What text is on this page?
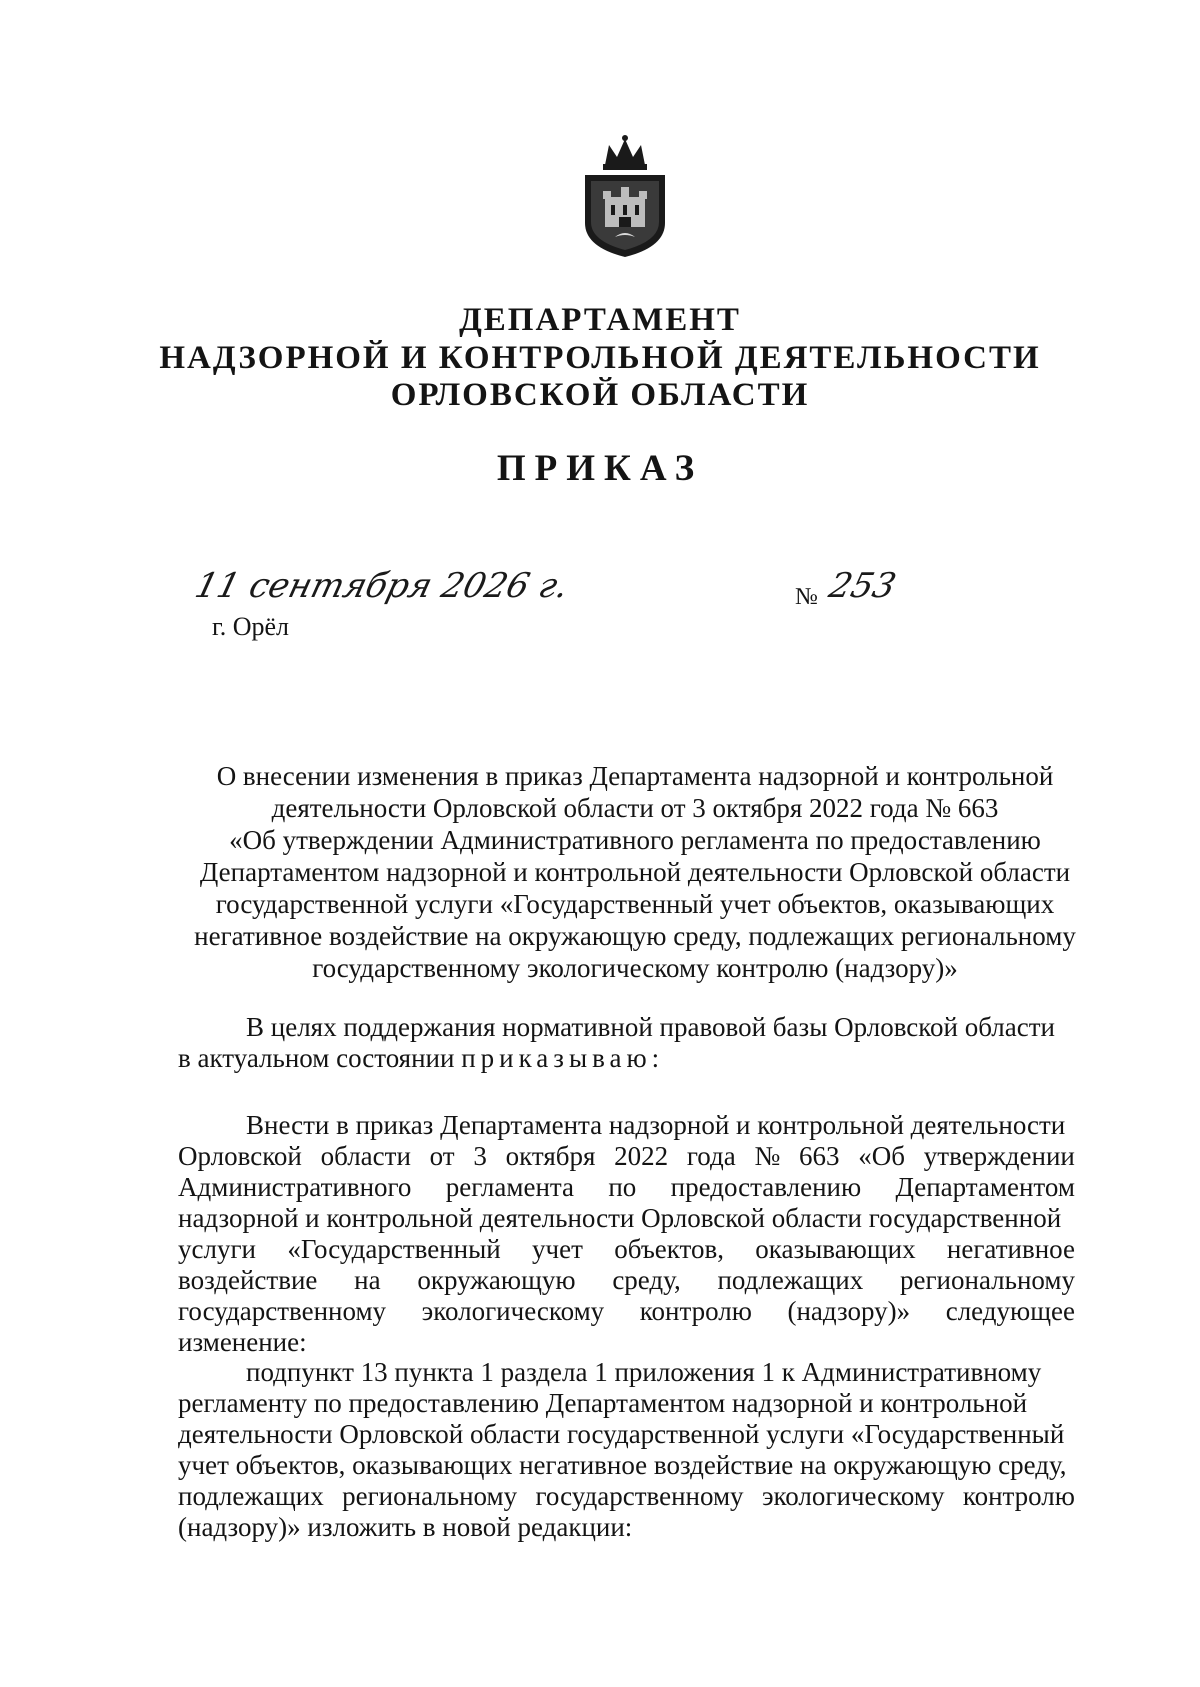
ДЕПАРТАМЕНТ
НАДЗОРНОЙ И КОНТРОЛЬНОЙ ДЕЯТЕЛЬНОСТИ
ОРЛОВСКОЙ ОБЛАСТИ
ПРИКАЗ
11 сентября 2026 г.	№ 253
г. Орёл
О внесении изменения в приказ Департамента надзорной и контрольной
деятельности Орловской области от 3 октября 2022 года № 663
«Об утверждении Административного регламента по предоставлению
Департаментом надзорной и контрольной деятельности Орловской области
государственной услуги «Государственный учет объектов, оказывающих
негативное воздействие на окружающую среду, подлежащих региональному
государственному экологическому контролю (надзору)»
В целях поддержания нормативной правовой базы Орловской области
в актуальном состоянии приказываю:
Внести в приказ Департамента надзорной и контрольной деятельности
Орловской области от 3 октября 2022 года № 663 «Об утверждении
Административного регламента по предоставлению Департаментом
надзорной и контрольной деятельности Орловской области государственной
услуги «Государственный учет объектов, оказывающих негативное
воздействие на окружающую среду, подлежащих региональному
государственному экологическому контролю (надзору)» следующее
изменение:
подпункт 13 пункта 1 раздела 1 приложения 1 к Административному
регламенту по предоставлению Департаментом надзорной и контрольной
деятельности Орловской области государственной услуги «Государственный
учет объектов, оказывающих негативное воздействие на окружающую среду,
подлежащих региональному государственному экологическому контролю
(надзору)» изложить в новой редакции:
